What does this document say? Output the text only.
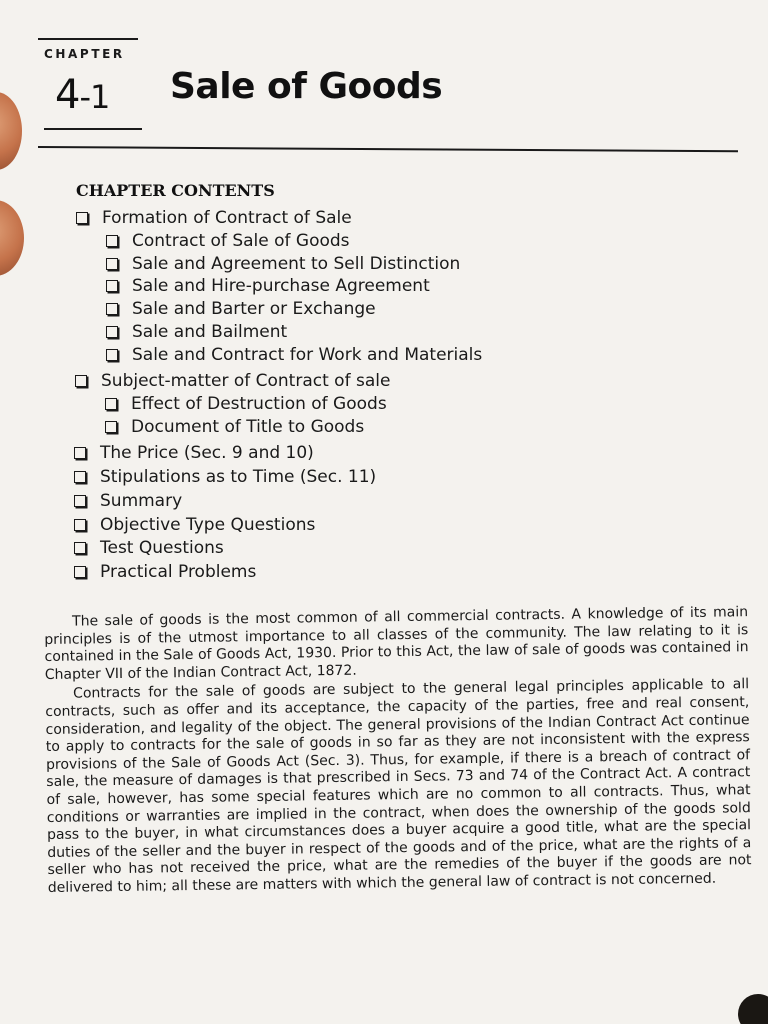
CHAPTER
4-1 Sale of Goods
CHAPTER CONTENTS
Formation of Contract of Sale
Contract of Sale of Goods
Sale and Agreement to Sell Distinction
Sale and Hire-purchase Agreement
Sale and Barter or Exchange
Sale and Bailment
Sale and Contract for Work and Materials
Subject-matter of Contract of sale
Effect of Destruction of Goods
Document of Title to Goods
The Price (Sec. 9 and 10)
Stipulations as to Time (Sec. 11)
Summary
Objective Type Questions
Test Questions
Practical Problems

The sale of goods is the most common of all commercial contracts. A knowledge of its main principles is of the utmost importance to all classes of the community. The law relating to it is contained in the Sale of Goods Act, 1930. Prior to this Act, the law of sale of goods was contained in Chapter VII of the Indian Contract Act, 1872.

Contracts for the sale of goods are subject to the general legal principles applicable to all contracts, such as offer and its acceptance, the capacity of the parties, free and real consent, consideration, and legality of the object. The general provisions of the Indian Contract Act continue to apply to contracts for the sale of goods in so far as they are not inconsistent with the express provisions of the Sale of Goods Act (Sec. 3). Thus, for example, if there is a breach of contract of sale, the measure of damages is that prescribed in Secs. 73 and 74 of the Contract Act. A contract of sale, however, has some special features which are no common to all contracts. Thus, what conditions or warranties are implied in the contract, when does the ownership of the goods sold pass to the buyer, in what circumstances does a buyer acquire a good title, what are the special duties of the seller and the buyer in respect of the goods and of the price, what are the rights of a seller who has not received the price, what are the remedies of the buyer if the goods are not delivered to him; all these are matters with which the general law of contract is not concerned.
